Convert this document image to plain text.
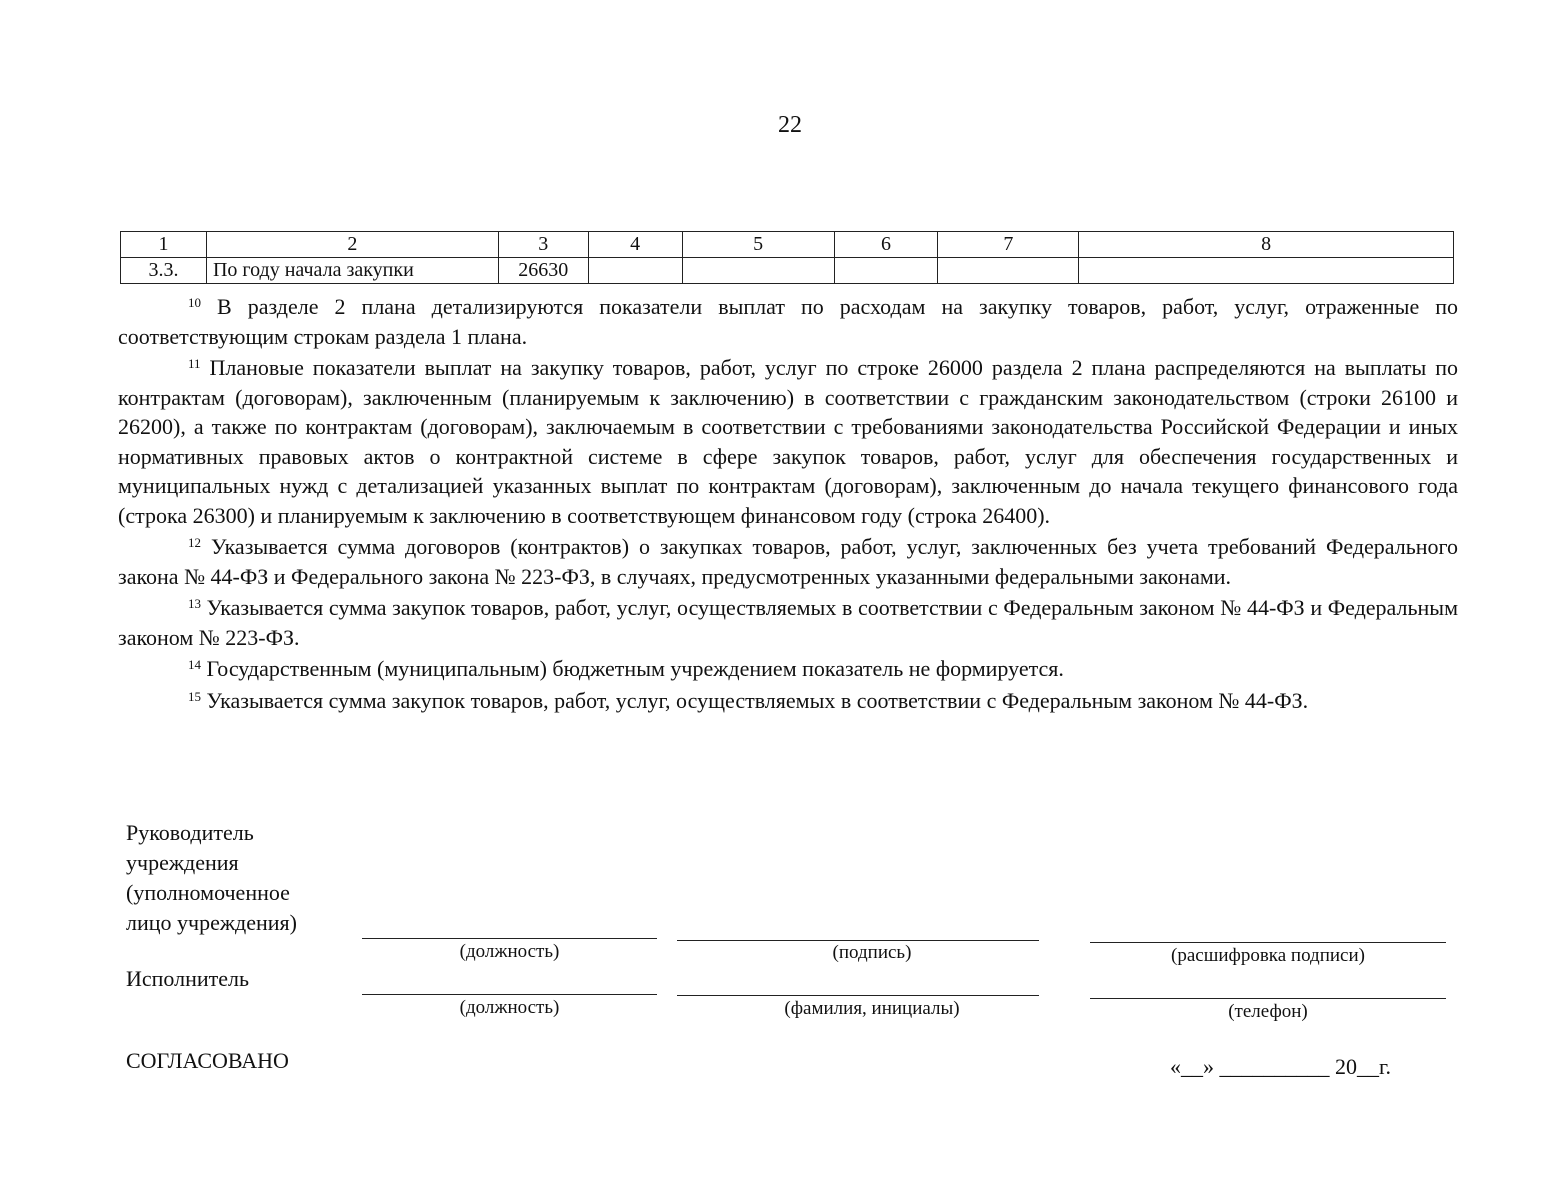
22
1	2	3	4	5	6	7	8
3.3.	По году начала закупки	26630					

$^{10}$ В разделе 2 плана детализируются показатели выплат по расходам на закупку товаров, работ, услуг, отраженные по соответствующим строкам раздела 1 плана.

$^{11}$ Плановые показатели выплат на закупку товаров, работ, услуг по строке 26000 раздела 2 плана распределяются на выплаты по контрактам (договорам), заключенным (планируемым к заключению) в соответствии с гражданским законодательством (строки 26100 и 26200), а также по контрактам (договорам), заключаемым в соответствии с требованиями законодательства Российской Федерации и иных нормативных правовых актов о контрактной системе в сфере закупок товаров, работ, услуг для обеспечения государственных и муниципальных нужд с детализацией указанных выплат по контрактам (договорам), заключенным до начала текущего финансового года (строка 26300) и планируемым к заключению в соответствующем финансовом году (строка 26400).

$^{12}$ Указывается сумма договоров (контрактов) о закупках товаров, работ, услуг, заключенных без учета требований Федерального закона № 44-ФЗ и Федерального закона № 223-ФЗ, в случаях, предусмотренных указанными федеральными законами.

$^{13}$ Указывается сумма закупок товаров, работ, услуг, осуществляемых в соответствии с Федеральным законом № 44-ФЗ и Федеральным законом № 223-ФЗ.

$^{14}$ Государственным (муниципальным) бюджетным учреждением показатель не формируется.

$^{15}$ Указывается сумма закупок товаров, работ, услуг, осуществляемых в соответствии с Федеральным законом № 44-ФЗ.

Руководитель
учреждения
(уполномоченное
лицо учреждения)
(должность)	(подпись)	(расшифровка подписи)
Исполнитель
(должность)	(фамилия, инициалы)	(телефон)
СОГЛАСОВАНО	«__» __________ 20__г.
